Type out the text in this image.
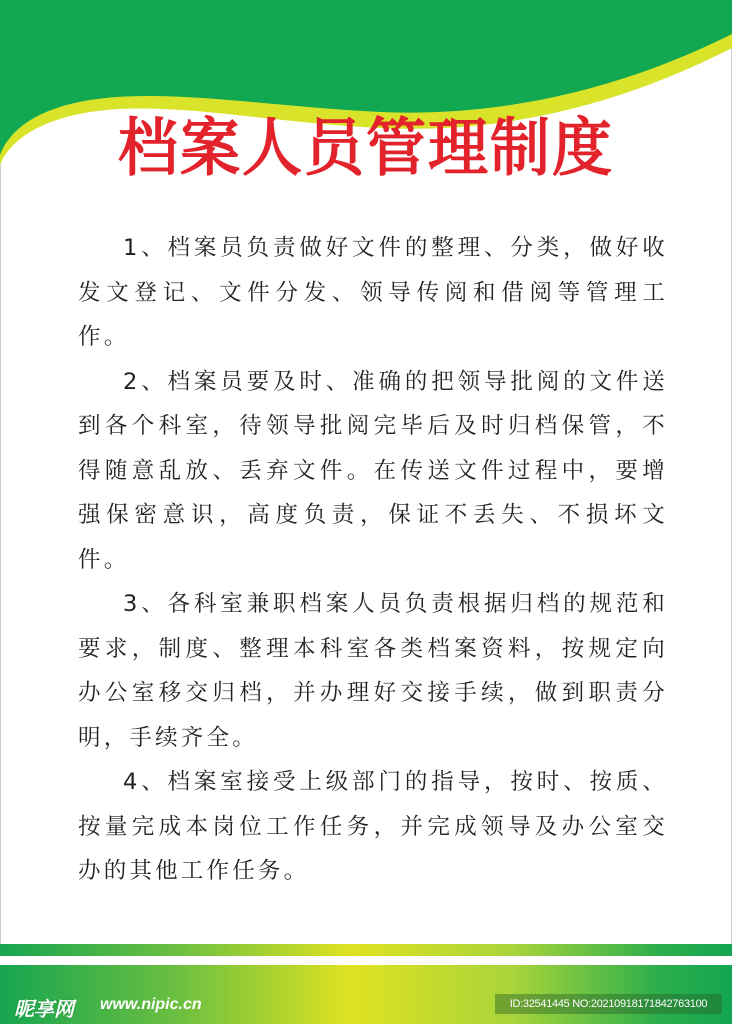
档案人员管理制度

1、档案员负责做好文件的整理、分类，做好收发文登记、文件分发、领导传阅和借阅等管理工作。

2、档案员要及时、准确的把领导批阅的文件送到各个科室，待领导批阅完毕后及时归档保管，不得随意乱放、丢弃文件。在传送文件过程中，要增强保密意识，高度负责，保证不丢失、不损坏文件。

3、各科室兼职档案人员负责根据归档的规范和要求，制度、整理本科室各类档案资料，按规定向办公室移交归档，并办理好交接手续，做到职责分明，手续齐全。

4、档案室接受上级部门的指导，按时、按质、按量完成本岗位工作任务，并完成领导及办公室交办的其他工作任务。

昵享网 www.nipic.cn	ID:32541445 NO:20210918171842763100
